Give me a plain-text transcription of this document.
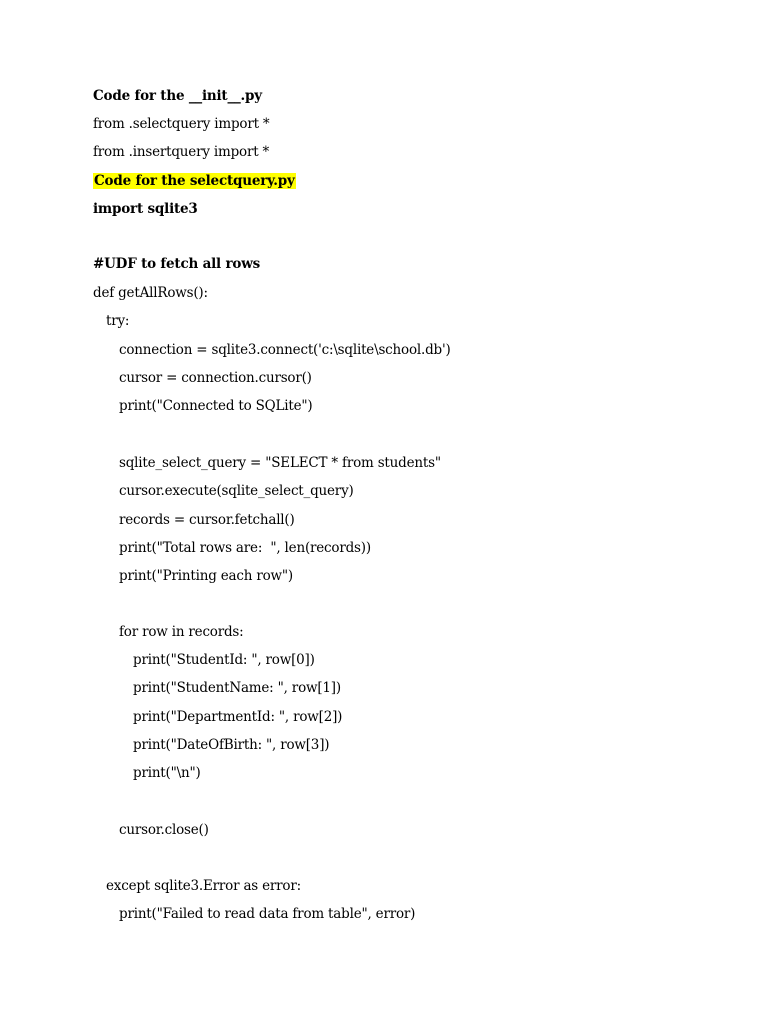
Code for the __init__.py
from .selectquery import *
from .insertquery import *
Code for the selectquery.py
import sqlite3
#UDF to fetch all rows
def getAllRows():
try:
connection = sqlite3.connect('c:\sqlite\school.db')
cursor = connection.cursor()
print("Connected to SQLite")
sqlite_select_query = "SELECT * from students"
cursor.execute(sqlite_select_query)
records = cursor.fetchall()
print("Total rows are:  ", len(records))
print("Printing each row")
for row in records:
print("StudentId: ", row[0])
print("StudentName: ", row[1])
print("DepartmentId: ", row[2])
print("DateOfBirth: ", row[3])
print("\n")
cursor.close()
except sqlite3.Error as error:
print("Failed to read data from table", error)
